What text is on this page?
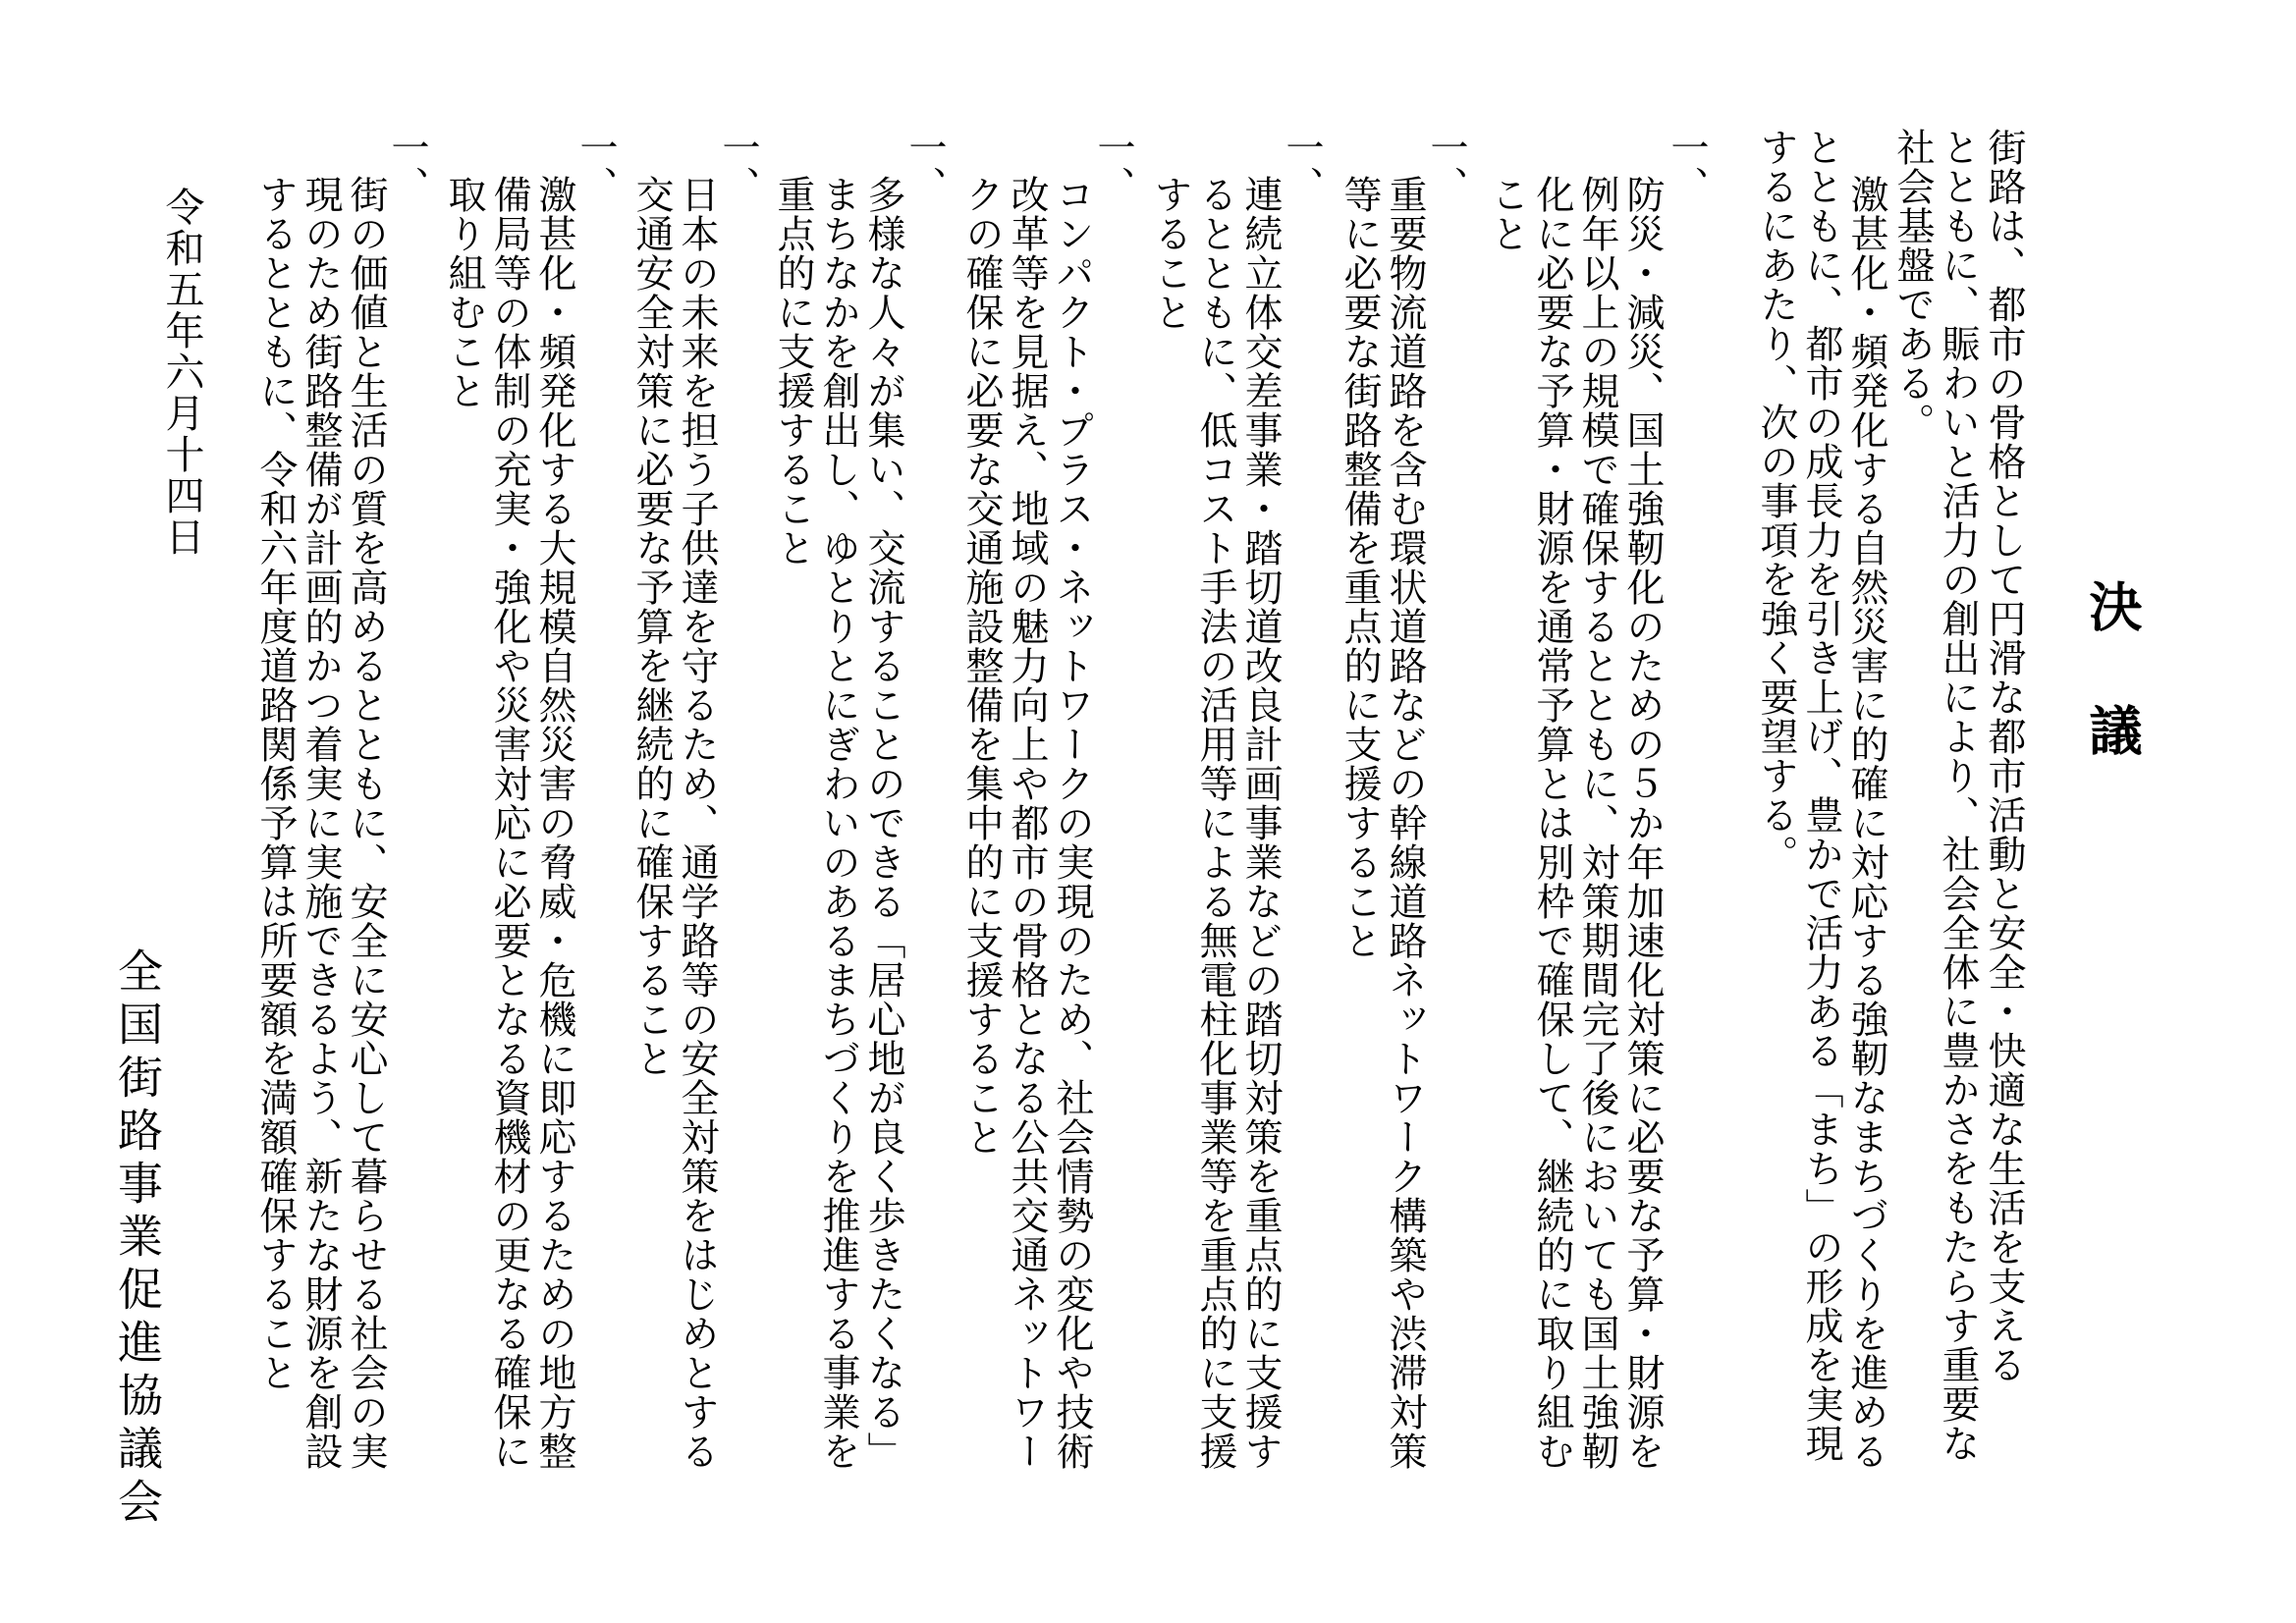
決議
街路は、都市の骨格として円滑な都市活動と安全・快適な生活を支える
とともに、賑わいと活力の創出により、社会全体に豊かさをもたらす重要な
社会基盤である。
激甚化・頻発化する自然災害に的確に対応する強靭なまちづくりを進める
とともに、都市の成長力を引き上げ、豊かで活力ある「まち」の形成を実現
するにあたり、次の事項を強く要望する。
一、
防災・減災、国土強靭化のための５か年加速化対策に必要な予算・財源を
例年以上の規模で確保するとともに、対策期間完了後においても国土強靭
化に必要な予算・財源を通常予算とは別枠で確保して、継続的に取り組む
こと
一、
重要物流道路を含む環状道路などの幹線道路ネットワーク構築や渋滞対策
等に必要な街路整備を重点的に支援すること
一、
連続立体交差事業・踏切道改良計画事業などの踏切対策を重点的に支援す
るとともに、低コスト手法の活用等による無電柱化事業等を重点的に支援
すること
一、
コンパクト・プラス・ネットワークの実現のため、社会情勢の変化や技術
改革等を見据え、地域の魅力向上や都市の骨格となる公共交通ネットワー
クの確保に必要な交通施設整備を集中的に支援すること
一、
多様な人々が集い、交流することのできる「居心地が良く歩きたくなる」
まちなかを創出し、ゆとりとにぎわいのあるまちづくりを推進する事業を
重点的に支援すること
一、
日本の未来を担う子供達を守るため、通学路等の安全対策をはじめとする
交通安全対策に必要な予算を継続的に確保すること
一、
激甚化・頻発化する大規模自然災害の脅威・危機に即応するための地方整
備局等の体制の充実・強化や災害対応に必要となる資機材の更なる確保に
取り組むこと
一、
街の価値と生活の質を高めるとともに、安全に安心して暮らせる社会の実
現のため街路整備が計画的かつ着実に実施できるよう、新たな財源を創設
するとともに、令和六年度道路関係予算は所要額を満額確保すること
令和五年六月十四日
全国街路事業促進協議会
